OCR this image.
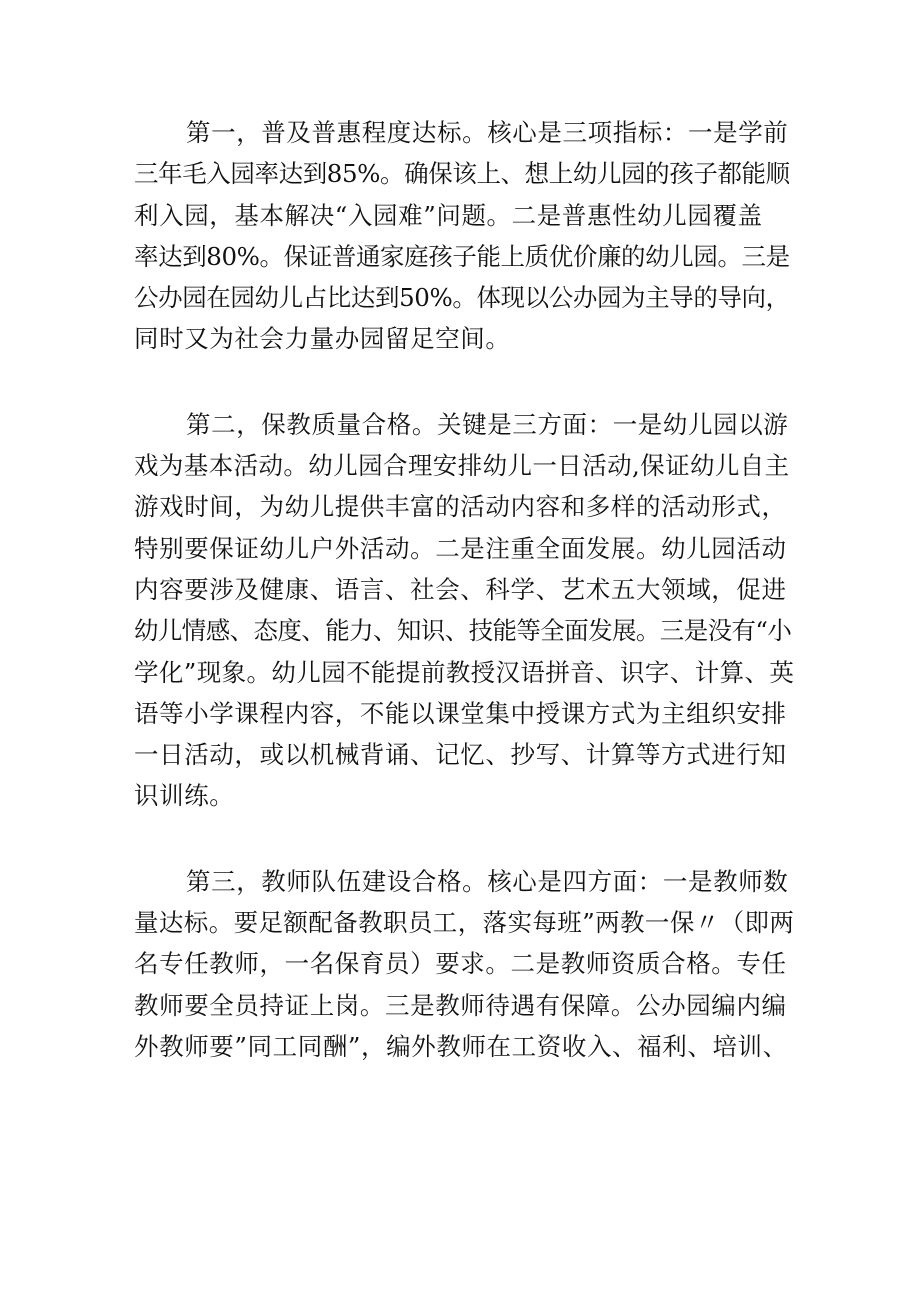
第一，普及普惠程度达标。核心是三项指标：一是学前
三年毛入园率达到85%。确保该上、想上幼儿园的孩子都能顺
利入园，基本解决“入园难”问题。二是普惠性幼儿园覆盖
率达到80%。保证普通家庭孩子能上质优价廉的幼儿园。三是
公办园在园幼儿占比达到50%。体现以公办园为主导的导向，
同时又为社会力量办园留足空间。

第二，保教质量合格。关键是三方面：一是幼儿园以游
戏为基本活动。幼儿园合理安排幼儿一日活动,保证幼儿自主
游戏时间，为幼儿提供丰富的活动内容和多样的活动形式，
特别要保证幼儿户外活动。二是注重全面发展。幼儿园活动
内容要涉及健康、语言、社会、科学、艺术五大领域，促进
幼儿情感、态度、能力、知识、技能等全面发展。三是没有“小
学化”现象。幼儿园不能提前教授汉语拼音、识字、计算、英
语等小学课程内容，不能以课堂集中授课方式为主组织安排
一日活动，或以机械背诵、记忆、抄写、计算等方式进行知
识训练。

第三，教师队伍建设合格。核心是四方面：一是教师数
量达标。要足额配备教职员工，落实每班”两教一保〃（即两
名专任教师，一名保育员）要求。二是教师资质合格。专任
教师要全员持证上岗。三是教师待遇有保障。公办园编内编
外教师要”同工同酬”，编外教师在工资收入、福利、培训、
